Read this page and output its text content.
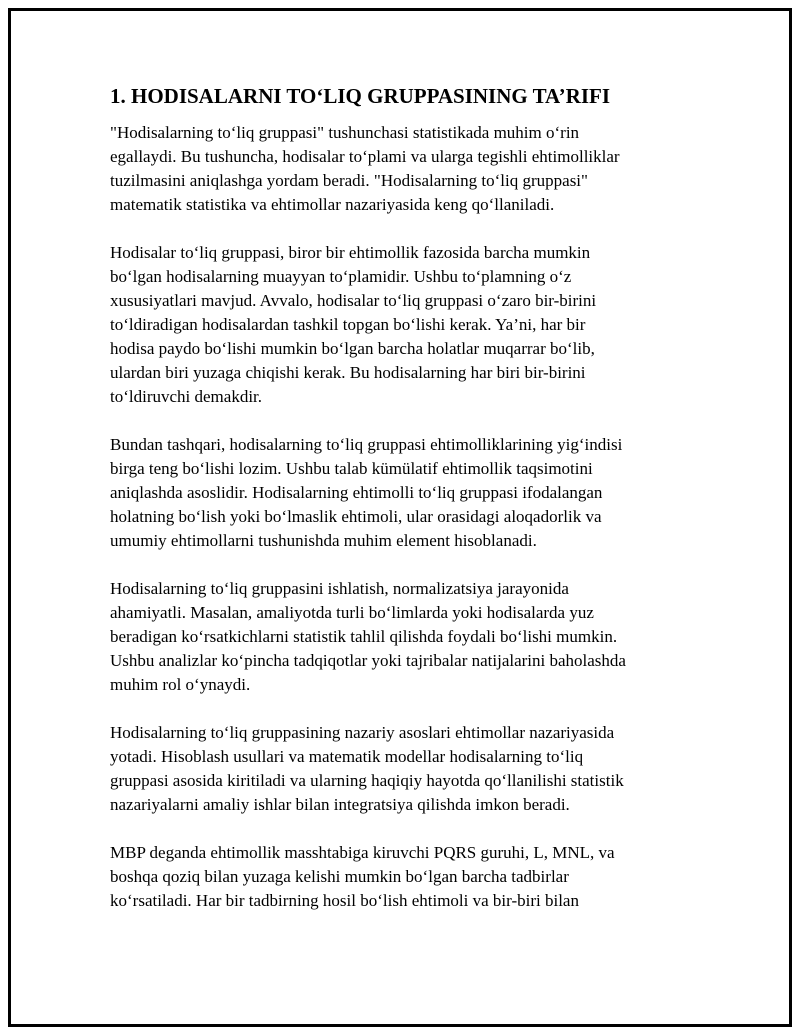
1. HODISALARNI TO‘LIQ GRUPPASINING TA’RIFI

"Hodisalarning to‘liq gruppasi" tushunchasi statistikada muhim o‘rin
egallaydi. Bu tushuncha, hodisalar to‘plami va ularga tegishli ehtimolliklar
tuzilmasini aniqlashga yordam beradi. "Hodisalarning to‘liq gruppasi"
matematik statistika va ehtimollar nazariyasida keng qo‘llaniladi.

Hodisalar to‘liq gruppasi, biror bir ehtimollik fazosida barcha mumkin
bo‘lgan hodisalarning muayyan to‘plamidir. Ushbu to‘plamning o‘z
xususiyatlari mavjud. Avvalo, hodisalar to‘liq gruppasi o‘zaro bir-birini
to‘ldiradigan hodisalardan tashkil topgan bo‘lishi kerak. Ya’ni, har bir
hodisa paydo bo‘lishi mumkin bo‘lgan barcha holatlar muqarrar bo‘lib,
ulardan biri yuzaga chiqishi kerak. Bu hodisalarning har biri bir-birini
to‘ldiruvchi demakdir.

Bundan tashqari, hodisalarning to‘liq gruppasi ehtimolliklarining yig‘indisi
birga teng bo‘lishi lozim. Ushbu talab kümülatif ehtimollik taqsimotini
aniqlashda asoslidir. Hodisalarning ehtimolli to‘liq gruppasi ifodalangan
holatning bo‘lish yoki bo‘lmaslik ehtimoli, ular orasidagi aloqadorlik va
umumiy ehtimollarni tushunishda muhim element hisoblanadi.

Hodisalarning to‘liq gruppasini ishlatish, normalizatsiya jarayonida
ahamiyatli. Masalan, amaliyotda turli bo‘limlarda yoki hodisalarda yuz
beradigan ko‘rsatkichlarni statistik tahlil qilishda foydali bo‘lishi mumkin.
Ushbu analizlar ko‘pincha tadqiqotlar yoki tajribalar natijalarini baholashda
muhim rol o‘ynaydi.

Hodisalarning to‘liq gruppasining nazariy asoslari ehtimollar nazariyasida
yotadi. Hisoblash usullari va matematik modellar hodisalarning to‘liq
gruppasi asosida kiritiladi va ularning haqiqiy hayotda qo‘llanilishi statistik
nazariyalarni amaliy ishlar bilan integratsiya qilishda imkon beradi.

MBP deganda ehtimollik masshtabiga kiruvchi PQRS guruhi, L, MNL, va
boshqa qoziq bilan yuzaga kelishi mumkin bo‘lgan barcha tadbirlar
ko‘rsatiladi. Har bir tadbirning hosil bo‘lish ehtimoli va bir-biri bilan
